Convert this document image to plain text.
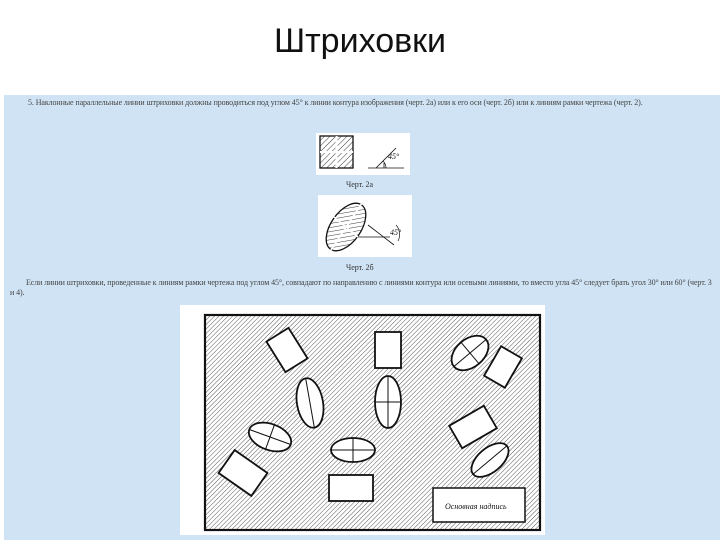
Штриховки
5. Наклонные параллельные линии штриховки должны проводиться под углом 45° к линии контура изображения (черт. 2а) или к его оси (черт. 2б) или к линиям рамки чертежа (черт. 2).
45°
Черт. 2а
45°
Черт. 2б
Если линии штриховки, проведенные к линиям рамки чертежа под углом 45°, совпадают по направлению с линиями контура или осевыми линиями, то вместо угла 45° следует брать угол 30° или 60° (черт. 3 и 4).
Основная надпись
